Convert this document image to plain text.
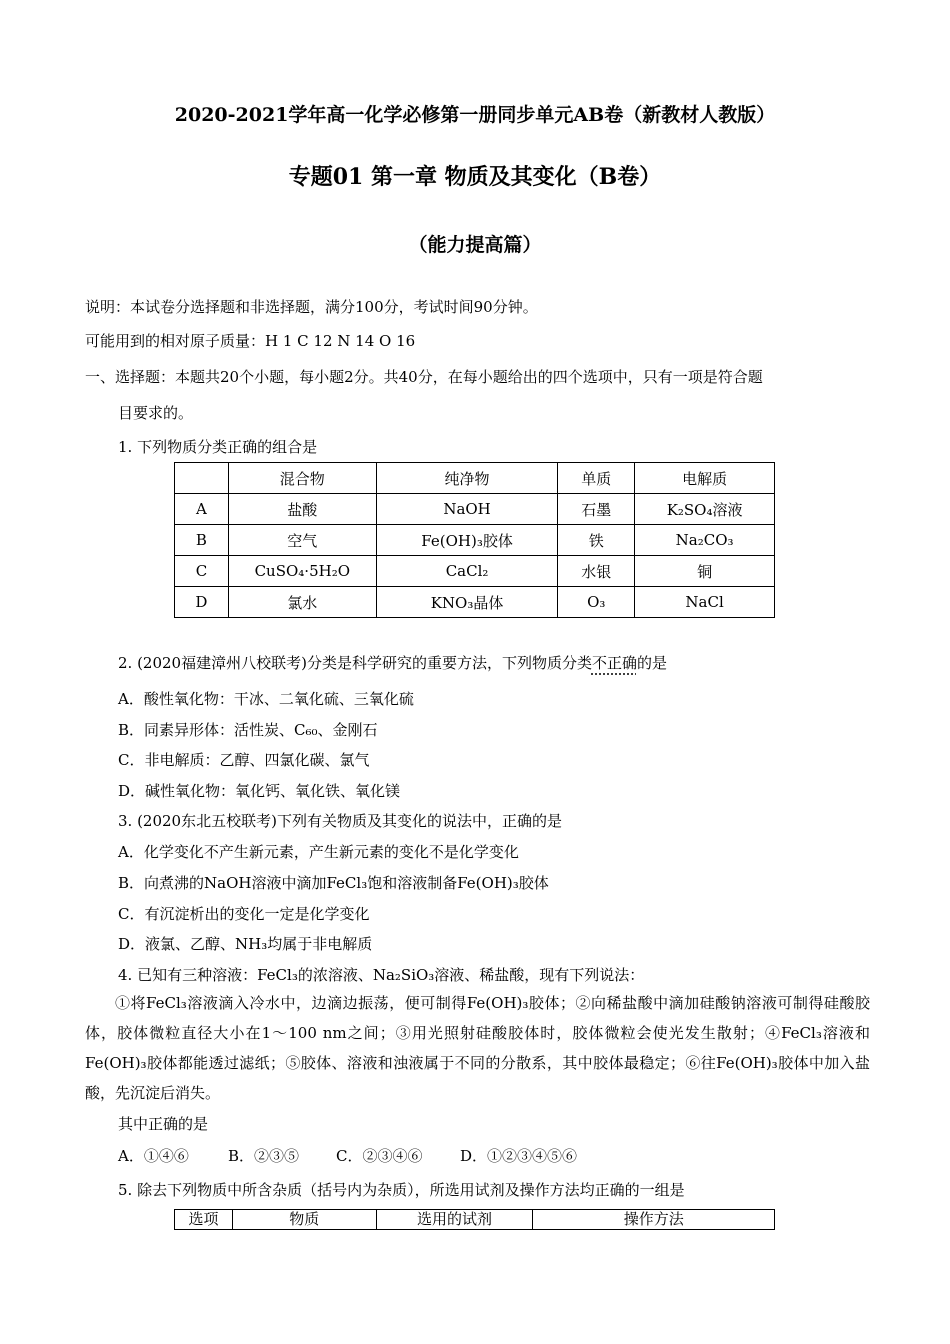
2020-2021学年高一化学必修第一册同步单元AB卷（新教材人教版）
专题01 第一章 物质及其变化（B卷）
（能力提高篇）
说明：本试卷分选择题和非选择题，满分100分，考试时间90分钟。
可能用到的相对原子质量：H 1 C 12 N 14 O 16
一、选择题：本题共20个小题，每小题2分。共40分，在每小题给出的四个选项中，只有一项是符合题
目要求的。
1. 下列物质分类正确的组合是
	混合物	纯净物	单质	电解质
A	盐酸	NaOH	石墨	K₂SO₄溶液
B	空气	Fe(OH)₃胶体	铁	Na₂CO₃
C	CuSO₄·5H₂O	CaCl₂	水银	铜
D	氯水	KNO₃晶体	O₃	NaCl
2. (2020福建漳州八校联考)分类是科学研究的重要方法，下列物质分类不正确的是
A．酸性氧化物：干冰、二氧化硫、三氧化硫
B．同素异形体：活性炭、C₆₀、金刚石
C．非电解质：乙醇、四氯化碳、氯气
D．碱性氧化物：氧化钙、氧化铁、氧化镁
3. (2020东北五校联考)下列有关物质及其变化的说法中，正确的是
A．化学变化不产生新元素，产生新元素的变化不是化学变化
B．向煮沸的NaOH溶液中滴加FeCl₃饱和溶液制备Fe(OH)₃胶体
C．有沉淀析出的变化一定是化学变化
D．液氯、乙醇、NH₃均属于非电解质
4. 已知有三种溶液：FeCl₃的浓溶液、Na₂SiO₃溶液、稀盐酸，现有下列说法：
①将FeCl₃溶液滴入冷水中，边滴边振荡，便可制得Fe(OH)₃胶体；②向稀盐酸中滴加硅酸钠溶液可制得硅酸胶体，胶体微粒直径大小在1～100 nm之间；③用光照射硅酸胶体时，胶体微粒会使光发生散射；④FeCl₃溶液和Fe(OH)₃胶体都能透过滤纸；⑤胶体、溶液和浊液属于不同的分散系，其中胶体最稳定；⑥往Fe(OH)₃胶体中加入盐酸，先沉淀后消失。
其中正确的是
A．①④⑥	B．②③⑤ C．②③④⑥	D．①②③④⑤⑥
5. 除去下列物质中所含杂质（括号内为杂质），所选用试剂及操作方法均正确的一组是
选项	物质	选用的试剂	操作方法
